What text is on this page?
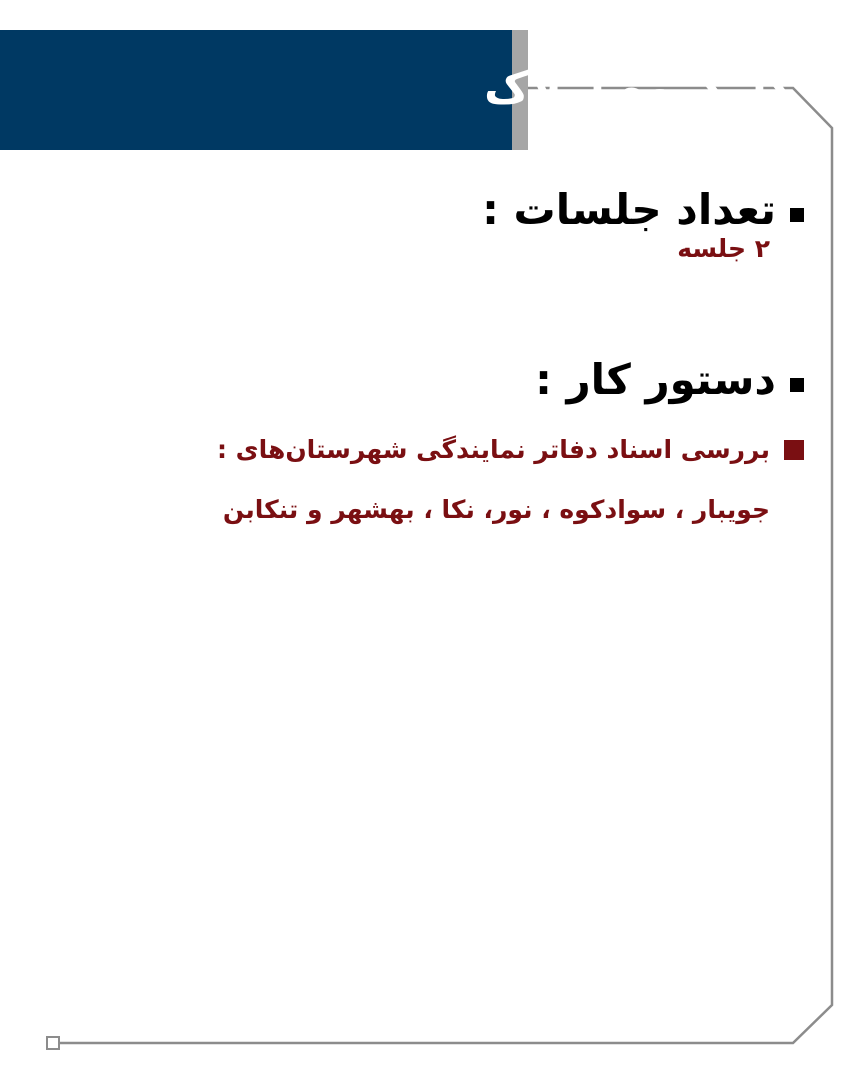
کارگروه املاک
تعداد جلسات :
۲ جلسه
دستور کار :
بررسی اسناد دفاتر نمایندگی شهرستان‌های :
جویبار ، سوادکوه ، نور، نکا ، بهشهر و تنکابن
